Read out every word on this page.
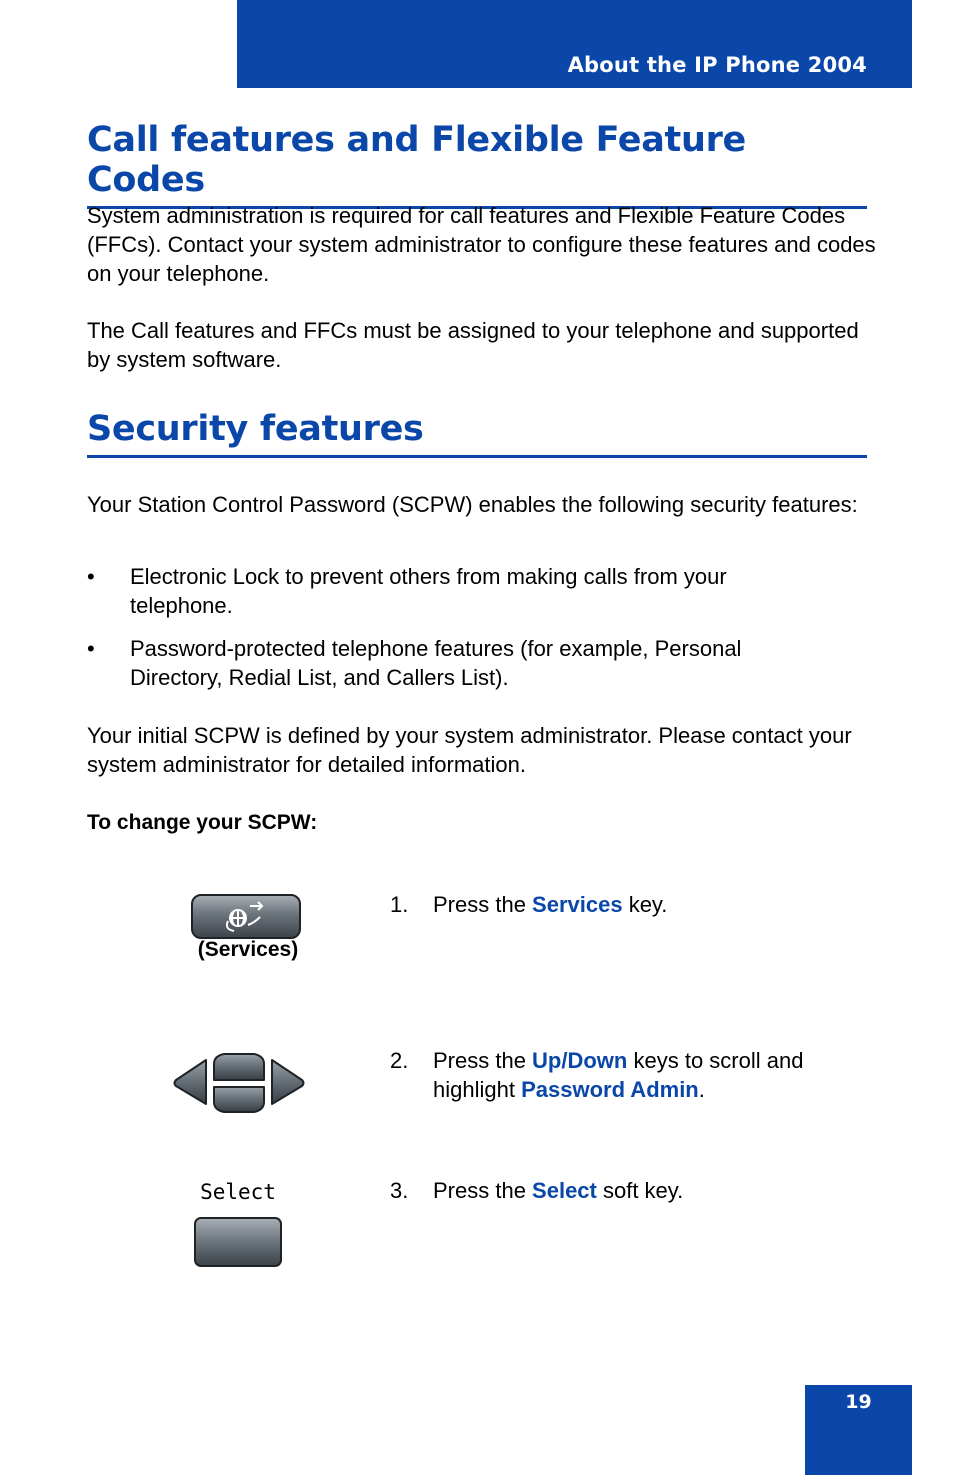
About the IP Phone 2004
Call features and Flexible Feature Codes

System administration is required for call features and Flexible Feature Codes (FFCs). Contact your system administrator to configure these features and codes on your telephone.

The Call features and FFCs must be assigned to your telephone and supported by system software.

Security features

Your Station Control Password (SCPW) enables the following security features:

• Electronic Lock to prevent others from making calls from your telephone.
• Password-protected telephone features (for example, Personal Directory, Redial List, and Callers List).

Your initial SCPW is defined by your system administrator. Please contact your system administrator for detailed information.

To change your SCPW:
(Services)
Select
1. Press the Services key.
2. Press the Up/Down keys to scroll and highlight Password Admin.
3. Press the Select soft key.
19
